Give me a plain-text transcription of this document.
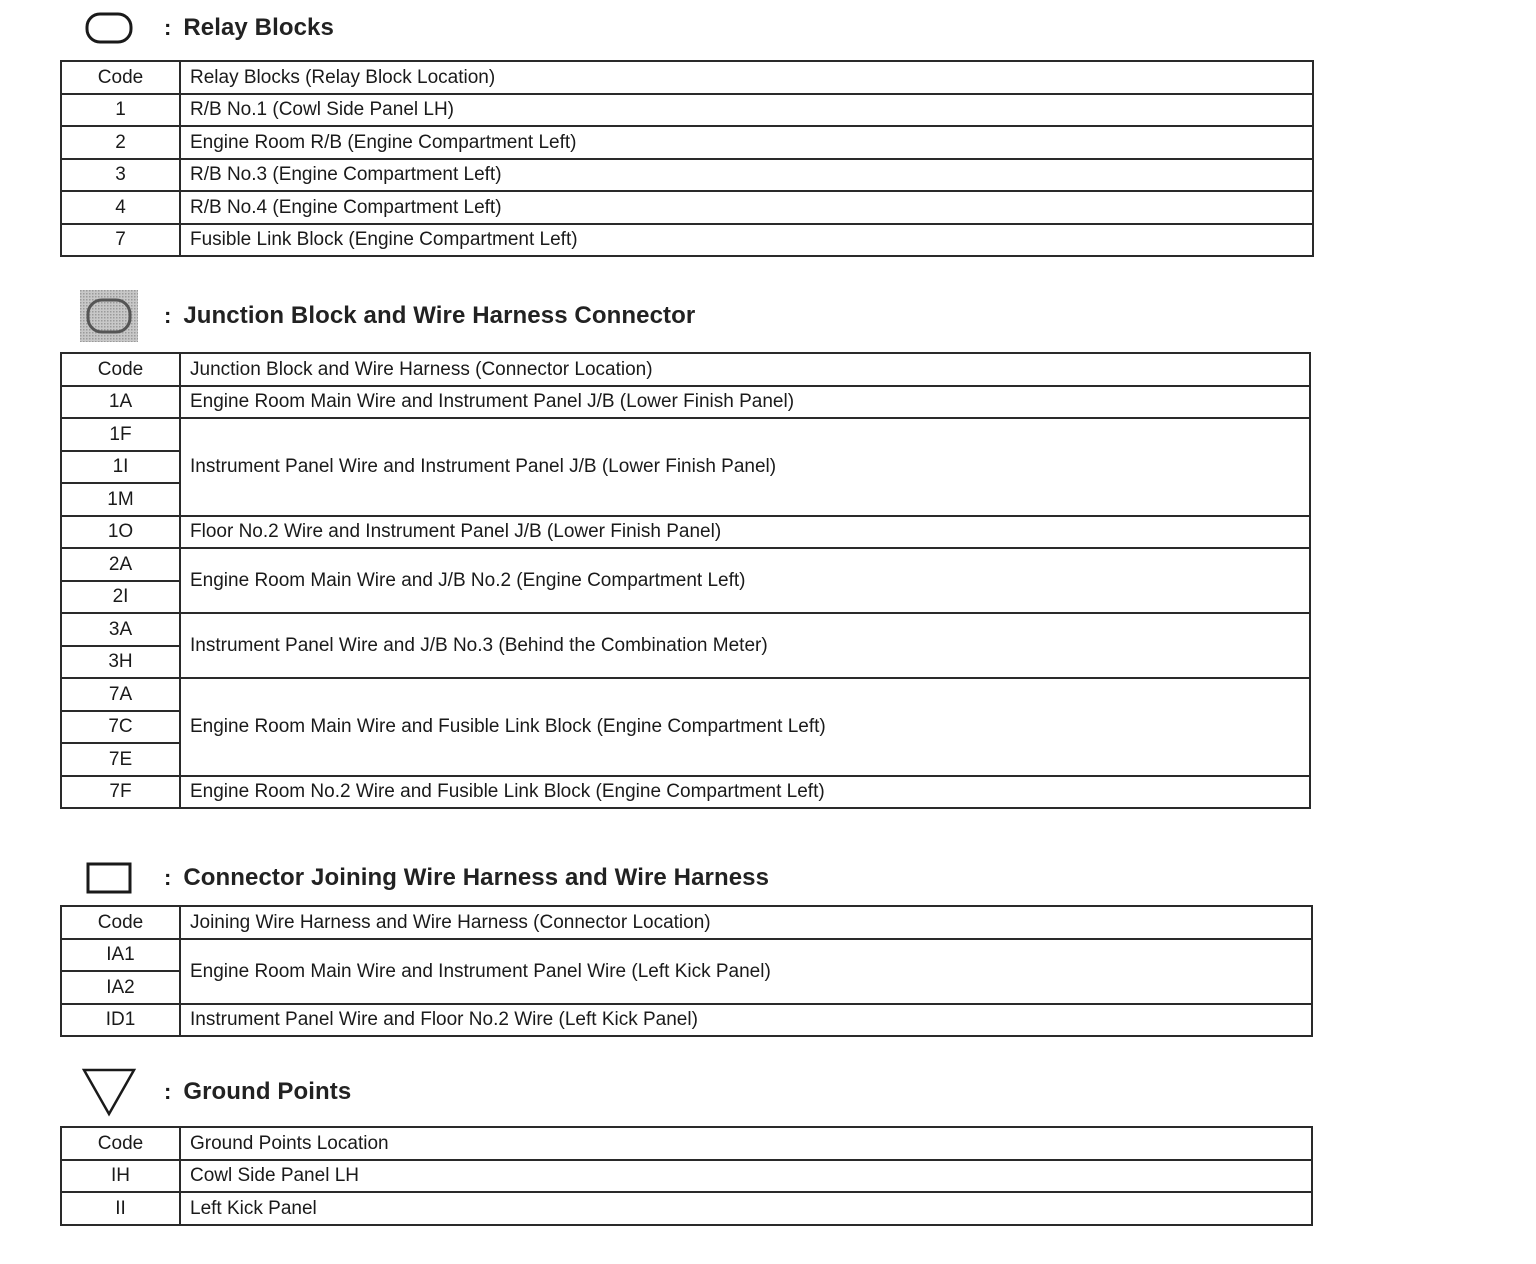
: Relay Blocks
Code	Relay Blocks (Relay Block Location)
1	R/B No.1 (Cowl Side Panel LH)
2	Engine Room R/B (Engine Compartment Left)
3	R/B No.3 (Engine Compartment Left)
4	R/B No.4 (Engine Compartment Left)
7	Fusible Link Block (Engine Compartment Left)
: Junction Block and Wire Harness Connector
Code	Junction Block and Wire Harness (Connector Location)
1A	Engine Room Main Wire and Instrument Panel J/B (Lower Finish Panel)
1F	Instrument Panel Wire and Instrument Panel J/B (Lower Finish Panel)
1I	
1M	
1O	Floor No.2 Wire and Instrument Panel J/B (Lower Finish Panel)
2A	Engine Room Main Wire and J/B No.2 (Engine Compartment Left)
2I	
3A	Instrument Panel Wire and J/B No.3 (Behind the Combination Meter)
3H	
7A	Engine Room Main Wire and Fusible Link Block (Engine Compartment Left)
7C	
7E	
7F	Engine Room No.2 Wire and Fusible Link Block (Engine Compartment Left)
: Connector Joining Wire Harness and Wire Harness
Code	Joining Wire Harness and Wire Harness (Connector Location)
IA1	Engine Room Main Wire and Instrument Panel Wire (Left Kick Panel)
IA2	
ID1	Instrument Panel Wire and Floor No.2 Wire (Left Kick Panel)
: Ground Points
Code	Ground Points Location
IH	Cowl Side Panel LH
II	Left Kick Panel
